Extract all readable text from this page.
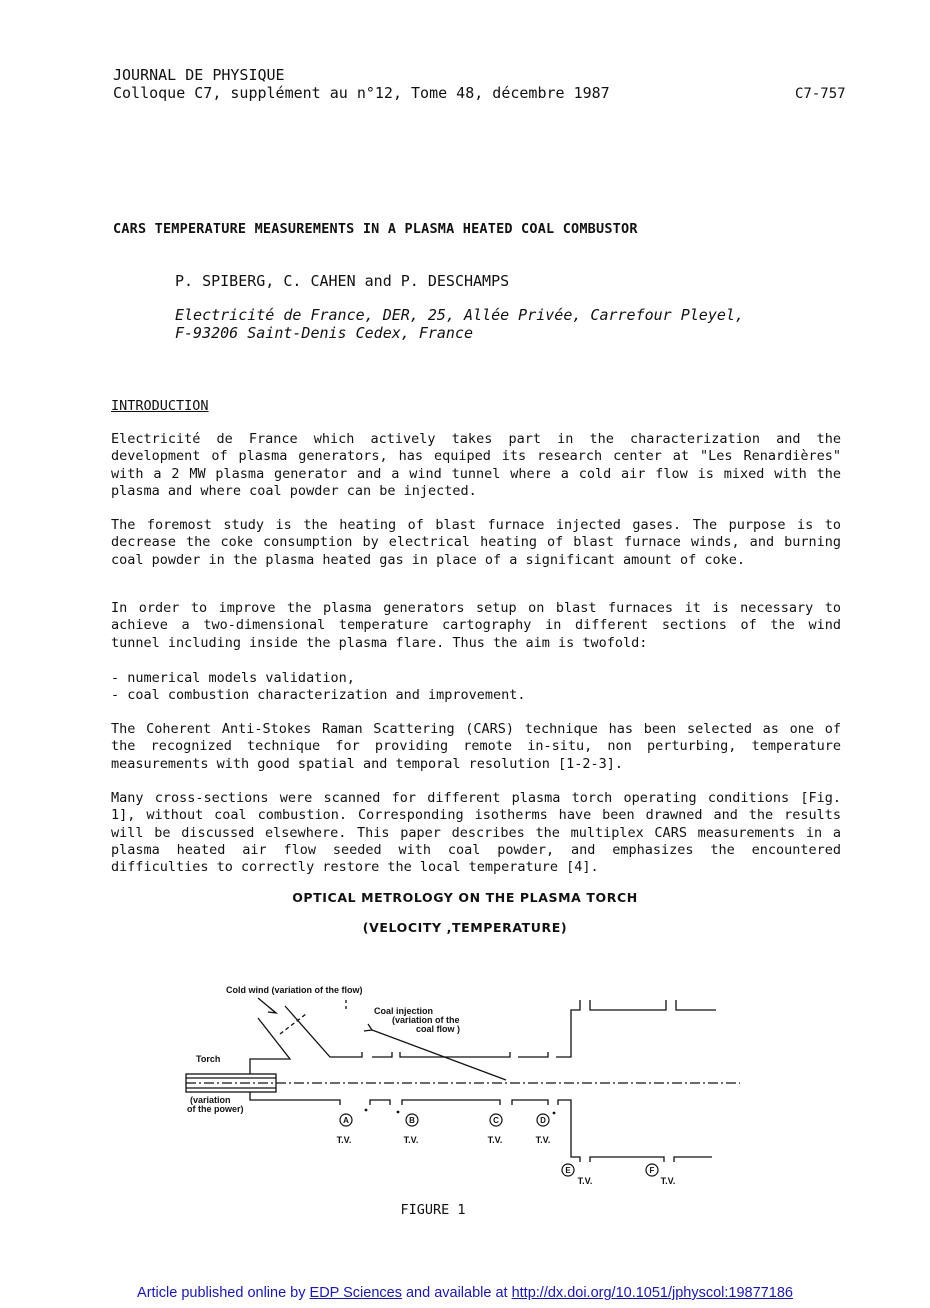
JOURNAL DE PHYSIQUE
Colloque C7, supplément au n°12, Tome 48, décembre 1987	C7-757
CARS TEMPERATURE MEASUREMENTS IN A PLASMA HEATED COAL COMBUSTOR
P. SPIBERG, C. CAHEN and P. DESCHAMPS
Electricité de France, DER, 25, Allée Privée, Carrefour Pleyel,
F-93206 Saint-Denis Cedex, France
INTRODUCTION
Electricité de France which actively takes part in the characterization and the development of plasma generators, has equiped its research center at "Les Renardières" with a 2 MW plasma generator and a wind tunnel where a cold air flow is mixed with the plasma and where coal powder can be injected.
The foremost study is the heating of blast furnace injected gases. The purpose is to decrease the coke consumption by electrical heating of blast furnace winds, and burning coal powder in the plasma heated gas in place of a significant amount of coke.
In order to improve the plasma generators setup on blast furnaces it is necessary to achieve a two-dimensional temperature cartography in different sections of the wind tunnel including inside the plasma flare. Thus the aim is twofold:
- numerical models validation,
- coal combustion characterization and improvement.
The Coherent Anti-Stokes Raman Scattering (CARS) technique has been selected as one of the recognized technique for providing remote in-situ, non perturbing, temperature measurements with good spatial and temporal resolution [1-2-3].
Many cross-sections were scanned for different plasma torch operating conditions [Fig. 1], without coal combustion. Corresponding isotherms have been drawned and the results will be discussed elsewhere. This paper describes the multiplex CARS measurements in a plasma heated air flow seeded with coal powder, and emphasizes the encountered difficulties to correctly restore the local temperature [4].
OPTICAL METROLOGY ON THE PLASMA TORCH
(VELOCITY ,TEMPERATURE)
A	B	C	D
E	F
T.V.	T.V.	T.V.	T.V.
T.V.	T.V.
Cold wind (variation of the flow)
Coal injection
(variation of the
coal flow )
Torch
(variation
of the power)
FIGURE 1
Article published online by EDP Sciences and available at http://dx.doi.org/10.1051/jphyscol:19877186
